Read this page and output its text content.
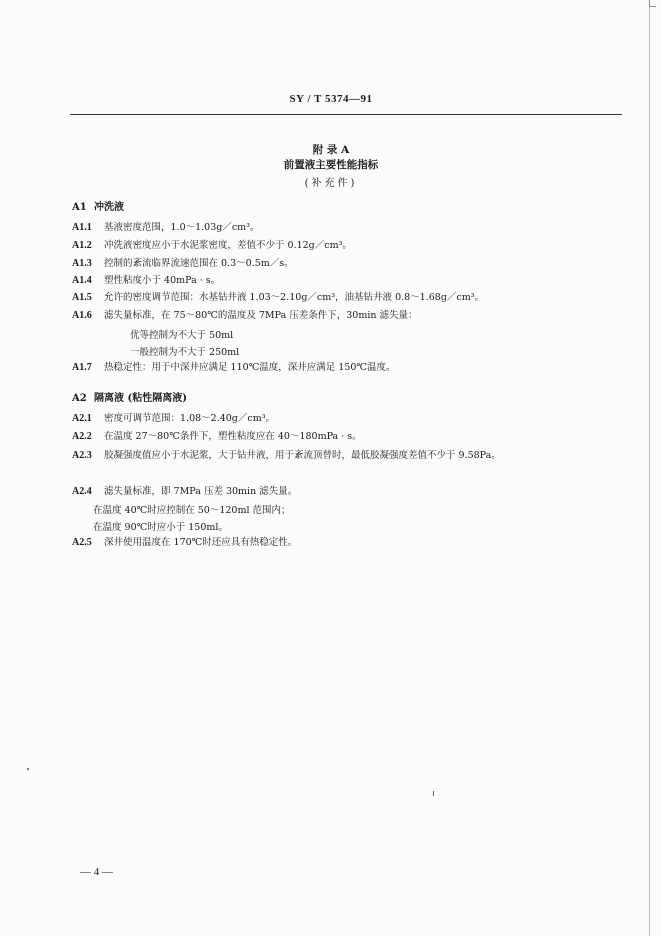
SY / T 5374—91
附 录 A
前置液主要性能指标
(补充件)
A1 冲洗液
A1.1 基液密度范围，1.0～1.03g／cm³。
A1.2 冲洗液密度应小于水泥浆密度，差值不少于 0.12g／cm³。
A1.3 控制的紊流临界流速范围在 0.3～0.5m／s。
A1.4 塑性粘度小于 40mPa · s。
A1.5 允许的密度调节范围：水基钻井液 1.03～2.10g／cm³，油基钻井液 0.8～1.68g／cm³。
A1.6 滤失量标准，在 75～80℃的温度及 7MPa 压差条件下，30min 滤失量：
优等控制为不大于 50ml
一般控制为不大于 250ml
A1.7 热稳定性：用于中深井应满足 110℃温度，深井应满足 150℃温度。
A2 隔离液 (粘性隔离液)
A2.1 密度可调节范围：1.08～2.40g／cm³。
A2.2 在温度 27～80℃条件下，塑性粘度应在 40～180mPa · s。
A2.3 胶凝强度值应小于水泥浆，大于钻井液，用于紊流顶替时，最低胶凝强度差值不少于 9.58Pa。
A2.4 滤失量标准，即 7MPa 压差 30min 滤失量。
在温度 40℃时应控制在 50～120ml 范围内；
在温度 90℃时应小于 150ml。
A2.5 深井使用温度在 170℃时还应具有热稳定性。
— 4 —
